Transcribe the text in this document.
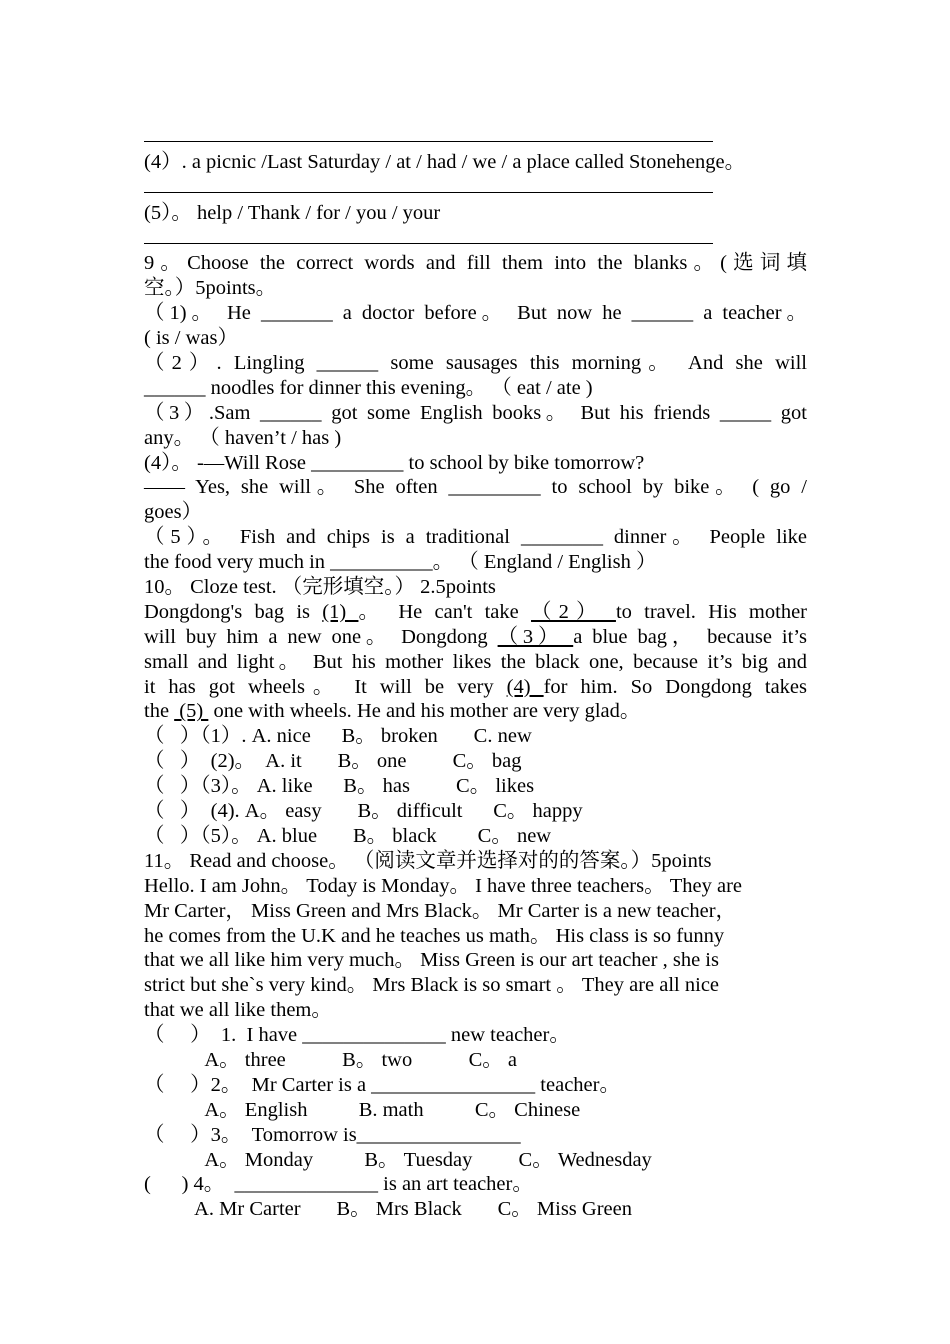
(4）. a picnic /Last Saturday / at / had / we / a place called Stonehenge。
(5）。 help / Thank / for / you / your
9。Choose the correct words and fill them into the blanks。(选词填
空。）5points。
（1)。 He _______ a doctor before。 But now he ______ a teacher。
( is / was）
（2）. Lingling ______ some sausages this morning。 And she will
______ noodles for dinner this evening。 （ eat / ate )
（3）.Sam ______ got some English books。 But his friends _____ got
any。 （ haven’t / has )
(4）。 -—Will Rose _________ to school by bike tomorrow?
—— Yes, she will。 She often _________ to school by bike。 ( go /
goes）
（5）。 Fish and chips is a traditional ________ dinner。 People like
the food very much in __________。 （ England / English ）
10。 Cloze test. （完形填空。） 2.5points
Dongdong's bag is (1) 。 He can't take （2） to travel. His mother
will buy him a new one。 Dongdong （3） a blue bag， because it’s
small and light。 But his mother likes the black one, because it’s big and
it has got wheels。 It will be very (4) for him. So Dongdong takes
the  (5)  one with wheels. He and his mother are very glad。
（   ）（1）. A. nice      B。 broken       C. new
（   ）  (2)。  A. it       B。 one         C。 bag
（   ）（3）。 A. like      B。 has         C。 likes
（   ）  (4). A。 easy       B。 difficult      C。 happy
（   ）（5）。 A. blue       B。 black        C。 new
11。 Read and choose。 （阅读文章并选择对的的答案。）5points
Hello. I am John。 Today is Monday。 I have three teachers。 They are
Mr Carter， Miss Green and Mrs Black。 Mr Carter is a new teacher，
he comes from the U.K and he teaches us math。 His class is so funny
that we all like him very much。 Miss Green is our art teacher , she is
strict but she`s very kind。 Mrs Black is so smart 。 They are all nice
that we all like them。
（     ）  1.  I have ______________ new teacher。
A。 three           B。 two           C。 a
（     ）2。  Mr Carter is a ________________ teacher。
A。 English          B. math          C。 Chinese
（     ）3。  Tomorrow is________________
A。 Monday          B。 Tuesday         C。 Wednesday
(      ) 4。  ______________ is an art teacher。
A. Mr Carter       B。 Mrs Black       C。 Miss Green
